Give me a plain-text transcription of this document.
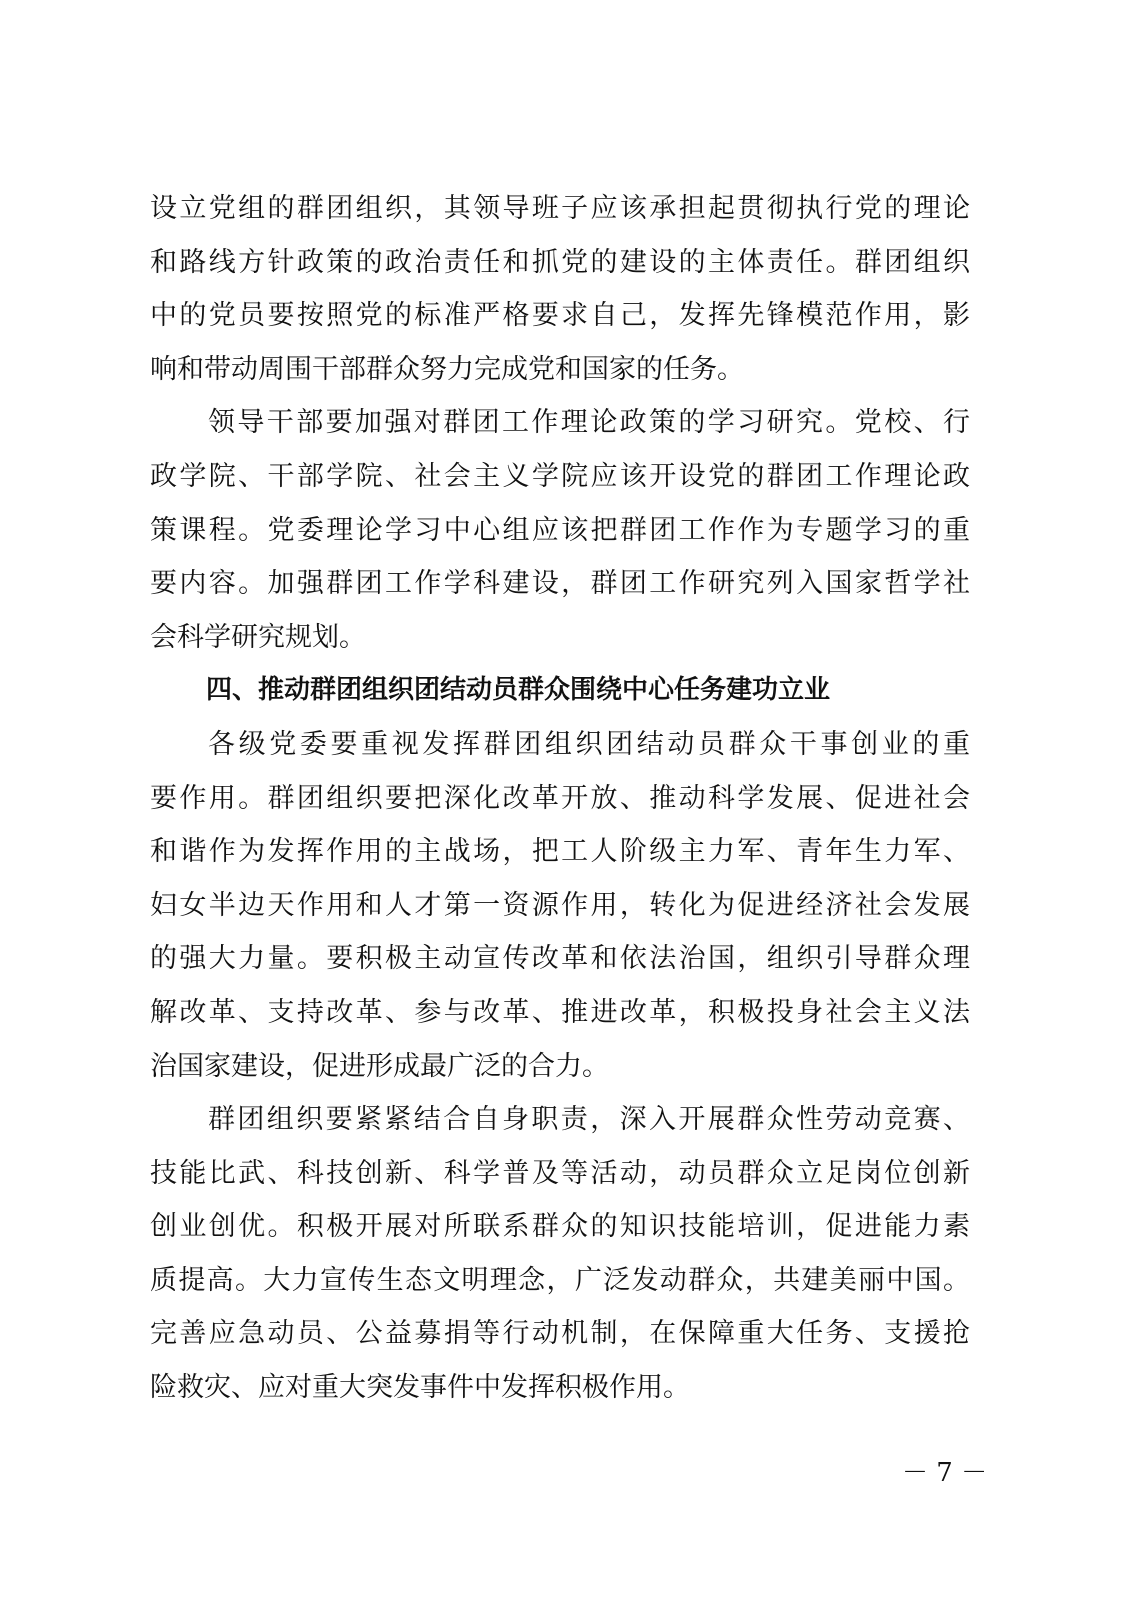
设立党组的群团组织，其领导班子应该承担起贯彻执行党的理论
和路线方针政策的政治责任和抓党的建设的主体责任。群团组织
中的党员要按照党的标准严格要求自己，发挥先锋模范作用，影
响和带动周围干部群众努力完成党和国家的任务。
领导干部要加强对群团工作理论政策的学习研究。党校、行
政学院、干部学院、社会主义学院应该开设党的群团工作理论政
策课程。党委理论学习中心组应该把群团工作作为专题学习的重
要内容。加强群团工作学科建设，群团工作研究列入国家哲学社
会科学研究规划。
四、推动群团组织团结动员群众围绕中心任务建功立业
各级党委要重视发挥群团组织团结动员群众干事创业的重
要作用。群团组织要把深化改革开放、推动科学发展、促进社会
和谐作为发挥作用的主战场，把工人阶级主力军、青年生力军、
妇女半边天作用和人才第一资源作用，转化为促进经济社会发展
的强大力量。要积极主动宣传改革和依法治国，组织引导群众理
解改革、支持改革、参与改革、推进改革，积极投身社会主义法
治国家建设，促进形成最广泛的合力。
群团组织要紧紧结合自身职责，深入开展群众性劳动竞赛、
技能比武、科技创新、科学普及等活动，动员群众立足岗位创新
创业创优。积极开展对所联系群众的知识技能培训，促进能力素
质提高。大力宣传生态文明理念，广泛发动群众，共建美丽中国。
完善应急动员、公益募捐等行动机制，在保障重大任务、支援抢
险救灾、应对重大突发事件中发挥积极作用。
－ 7 －
